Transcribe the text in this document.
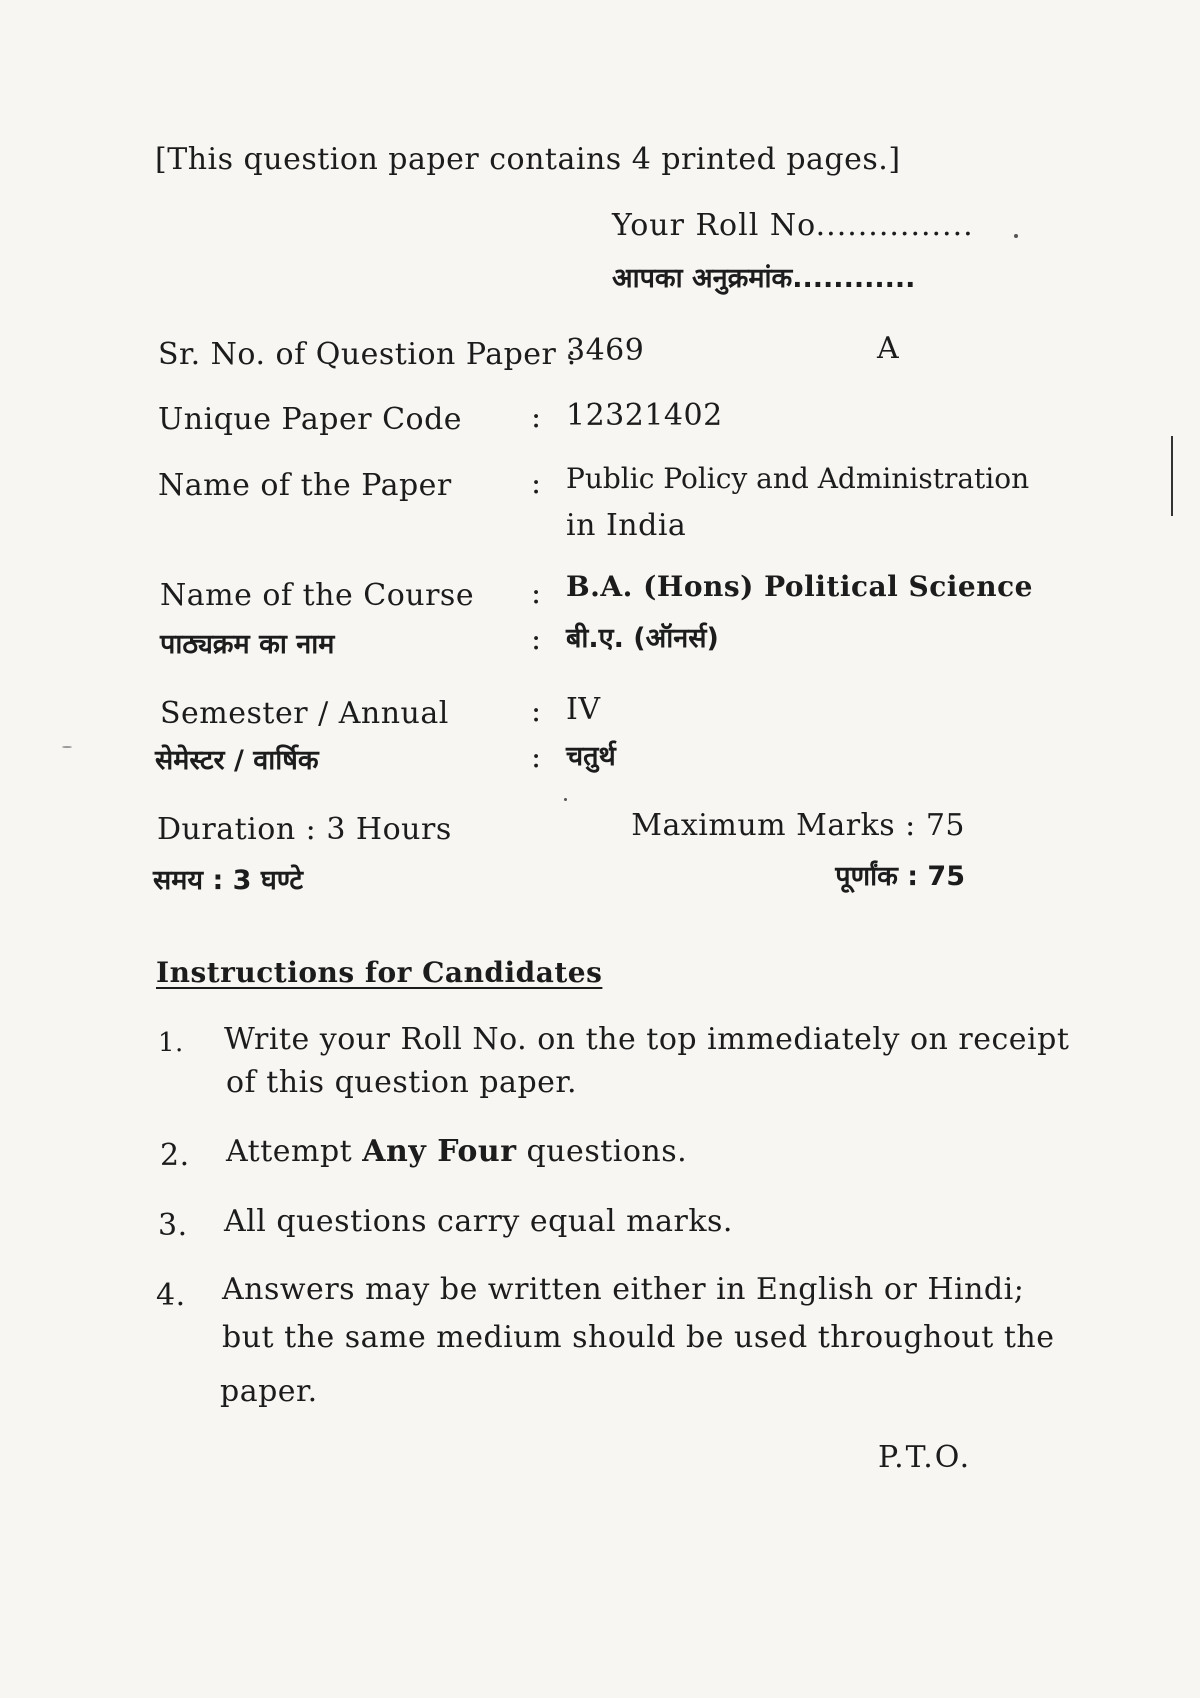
[This question paper contains 4 printed pages.]
Your Roll No...............
आपका अनुक्रमांक............
Sr. No. of Question Paper :
3469	A
Unique Paper Code : 12321402
Name of the Paper	: Public Policy and Administration
in India
Name of the Course : B.A. (Hons) Political Science
पाठ्यक्रम का नाम	: बी.ए. (ऑनर्स)
Semester / Annual	: IV
सेमेस्टर / वार्षिक	: चतुर्थ
Duration : 3 Hours
समय : 3 घण्टे
Maximum Marks : 75
पूर्णांक : 75
Instructions for Candidates
1. Write your Roll No. on the top immediately on receipt
of this question paper.
2. Attempt Any Four questions.
3. All questions carry equal marks.
4. Answers may be written either in English or Hindi;
but the same medium should be used throughout the
paper.
P.T.O.
